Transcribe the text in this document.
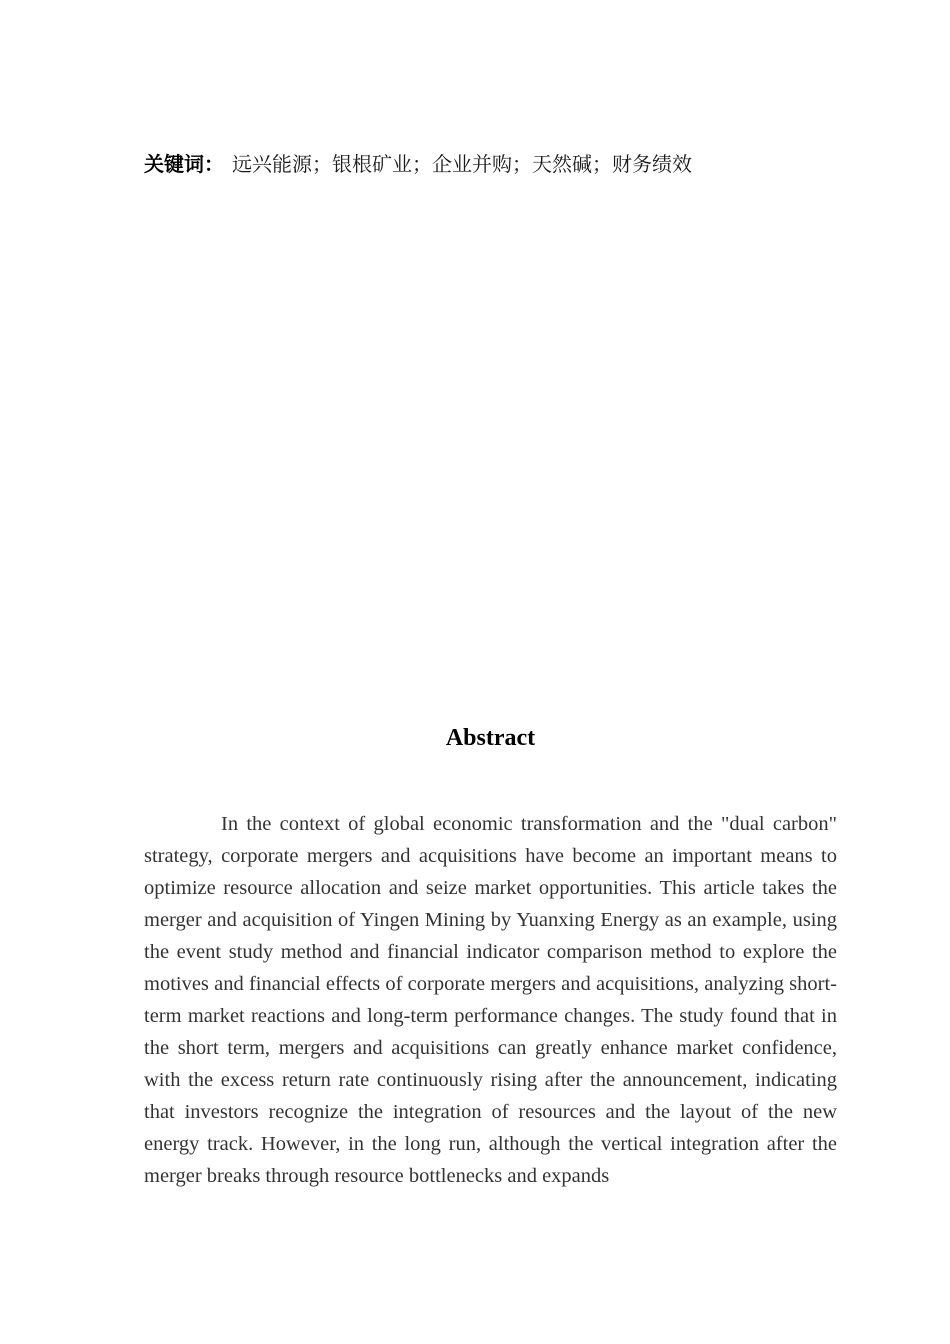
关键词： 远兴能源；银根矿业；企业并购；天然碱；财务绩效
Abstract

In the context of global economic transformation and the "dual carbon" strategy, corporate mergers and acquisitions have become an important means to optimize resource allocation and seize market opportunities. This article takes the merger and acquisition of Yingen Mining by Yuanxing Energy as an example, using the event study method and financial indicator comparison method to explore the motives and financial effects of corporate mergers and acquisitions, analyzing short-term market reactions and long-term performance changes. The study found that in the short term, mergers and acquisitions can greatly enhance market confidence, with the excess return rate continuously rising after the announcement, indicating that investors recognize the integration of resources and the layout of the new energy track. However, in the long run, although the vertical integration after the merger breaks through resource bottlenecks and expands
